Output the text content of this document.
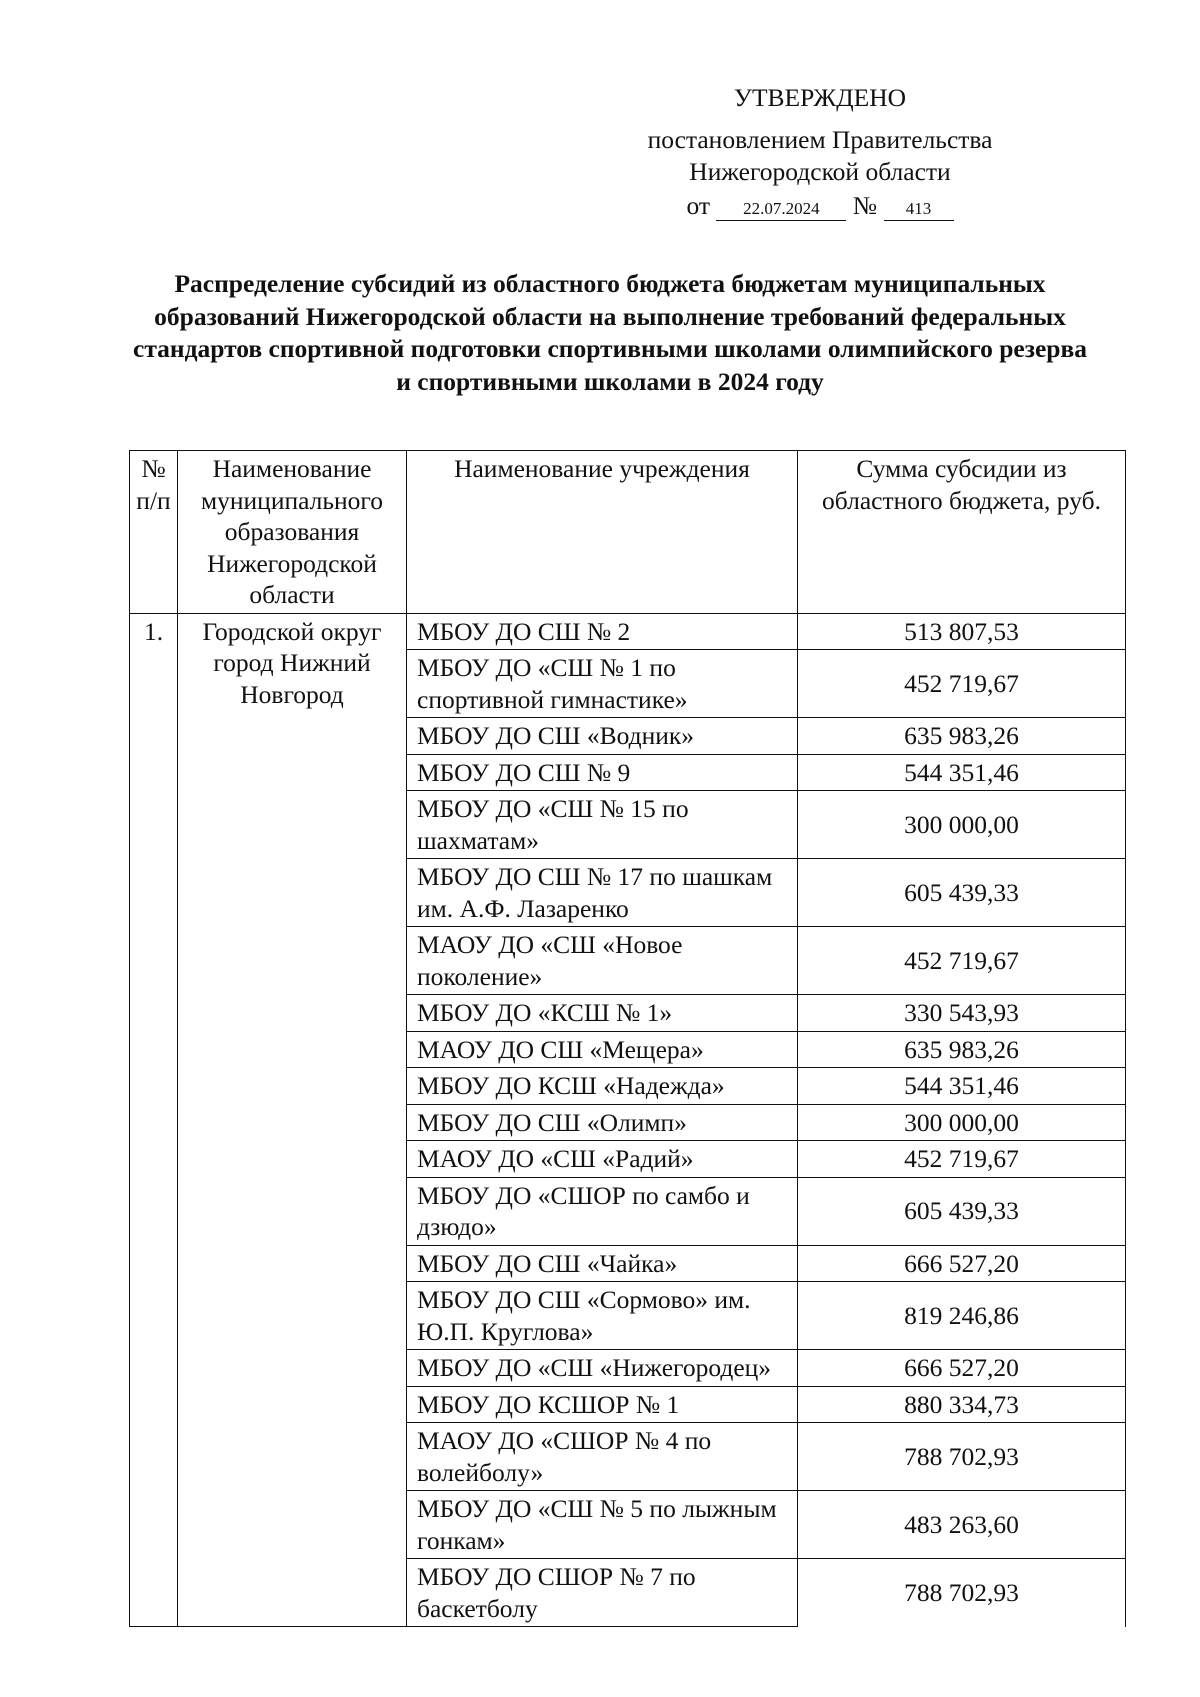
УТВЕРЖДЕНО
постановлением Правительства
Нижегородской области
от 22.07.2024 № 413
Распределение субсидий из областного бюджета бюджетам муниципальных образований Нижегородской области на выполнение требований федеральных стандартов спортивной подготовки спортивными школами олимпийского резерва и спортивными школами в 2024 году
№ п/п	Наименование муниципального образования Нижегородской области	Наименование учреждения	Сумма субсидии из областного бюджета, руб.
1.	Городской округ город Нижний Новгород	МБОУ ДО СШ № 2	513 807,53
		МБОУ ДО «СШ № 1 по спортивной гимнастике»	452 719,67
		МБОУ ДО СШ «Водник»	635 983,26
		МБОУ ДО СШ № 9	544 351,46
		МБОУ ДО «СШ № 15 по шахматам»	300 000,00
		МБОУ ДО СШ № 17 по шашкам им. А.Ф. Лазаренко	605 439,33
		МАОУ ДО «СШ «Новое поколение»	452 719,67
		МБОУ ДО «КСШ № 1»	330 543,93
		МАОУ ДО СШ «Мещера»	635 983,26
		МБОУ ДО КСШ «Надежда»	544 351,46
		МБОУ ДО СШ «Олимп»	300 000,00
		МАОУ ДО «СШ «Радий»	452 719,67
		МБОУ ДО «СШОР по самбо и дзюдо»	605 439,33
		МБОУ ДО СШ «Чайка»	666 527,20
		МБОУ ДО СШ «Сормово» им. Ю.П. Круглова»	819 246,86
		МБОУ ДО «СШ «Нижегородец»	666 527,20
		МБОУ ДО КСШОР № 1	880 334,73
		МАОУ ДО «СШОР № 4 по волейболу»	788 702,93
		МБОУ ДО «СШ № 5 по лыжным гонкам»	483 263,60
		МБОУ ДО СШОР № 7 по баскетболу	788 702,93
